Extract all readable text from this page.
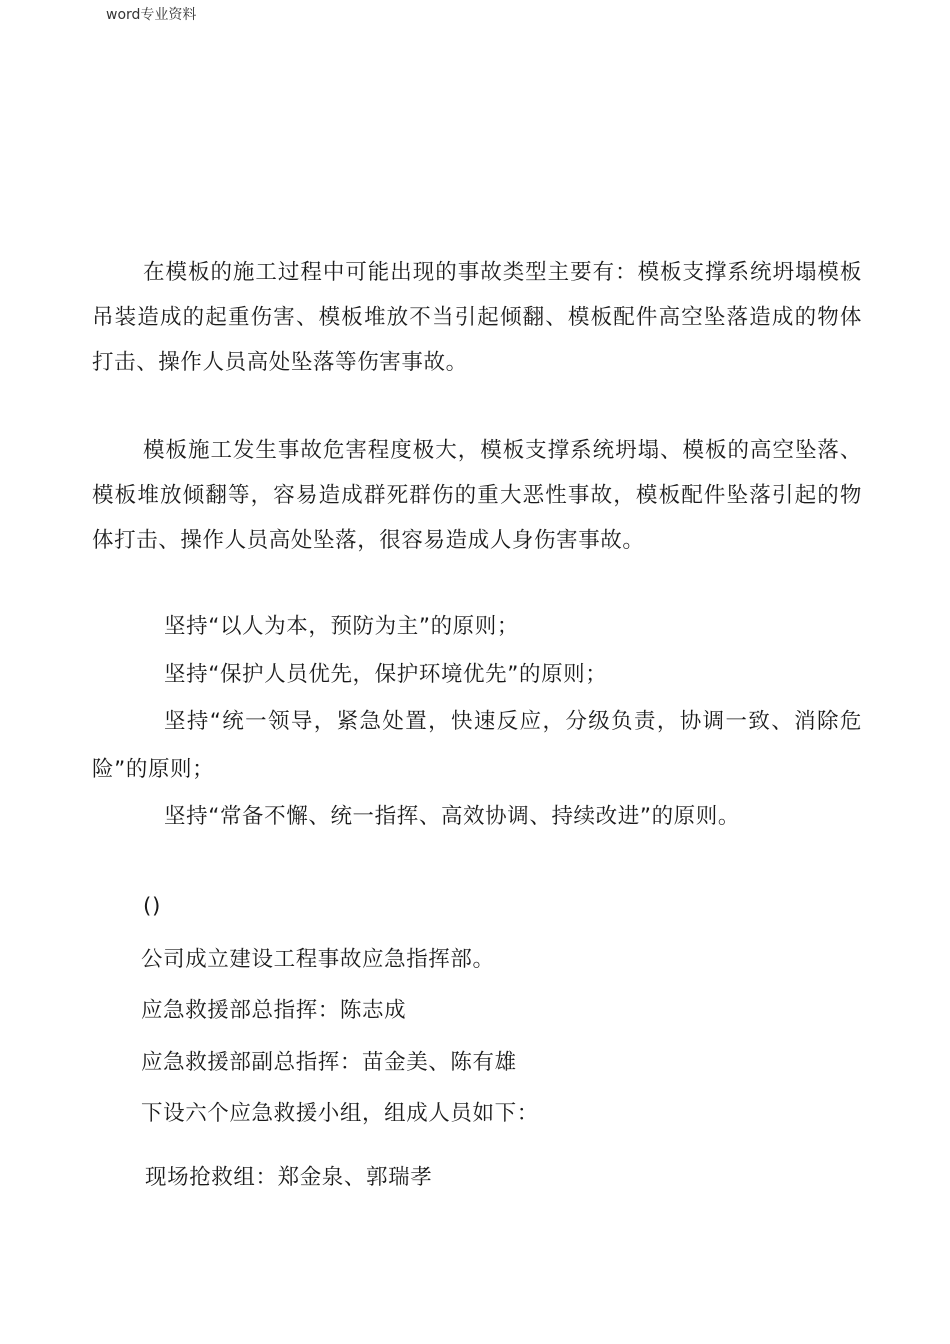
word专业资料

在模板的施工过程中可能出现的事故类型主要有：模板支撑系统坍塌模板吊装造成的起重伤害、模板堆放不当引起倾翻、模板配件高空坠落造成的物体打击、操作人员高处坠落等伤害事故。

模板施工发生事故危害程度极大，模板支撑系统坍塌、模板的高空坠落、模板堆放倾翻等，容易造成群死群伤的重大恶性事故，模板配件坠落引起的物体打击、操作人员高处坠落，很容易造成人身伤害事故。

坚持“以人为本，预防为主”的原则；

坚持“保护人员优先，保护环境优先”的原则；

坚持“统一领导，紧急处置，快速反应，分级负责，协调一致、消除危险”的原则；

坚持“常备不懈、统一指挥、高效协调、持续改进”的原则。

()

公司成立建设工程事故应急指挥部。

应急救援部总指挥：陈志成

应急救援部副总指挥：苗金美、陈有雄

下设六个应急救援小组，组成人员如下：

现场抢救组：郑金泉、郭瑞孝
